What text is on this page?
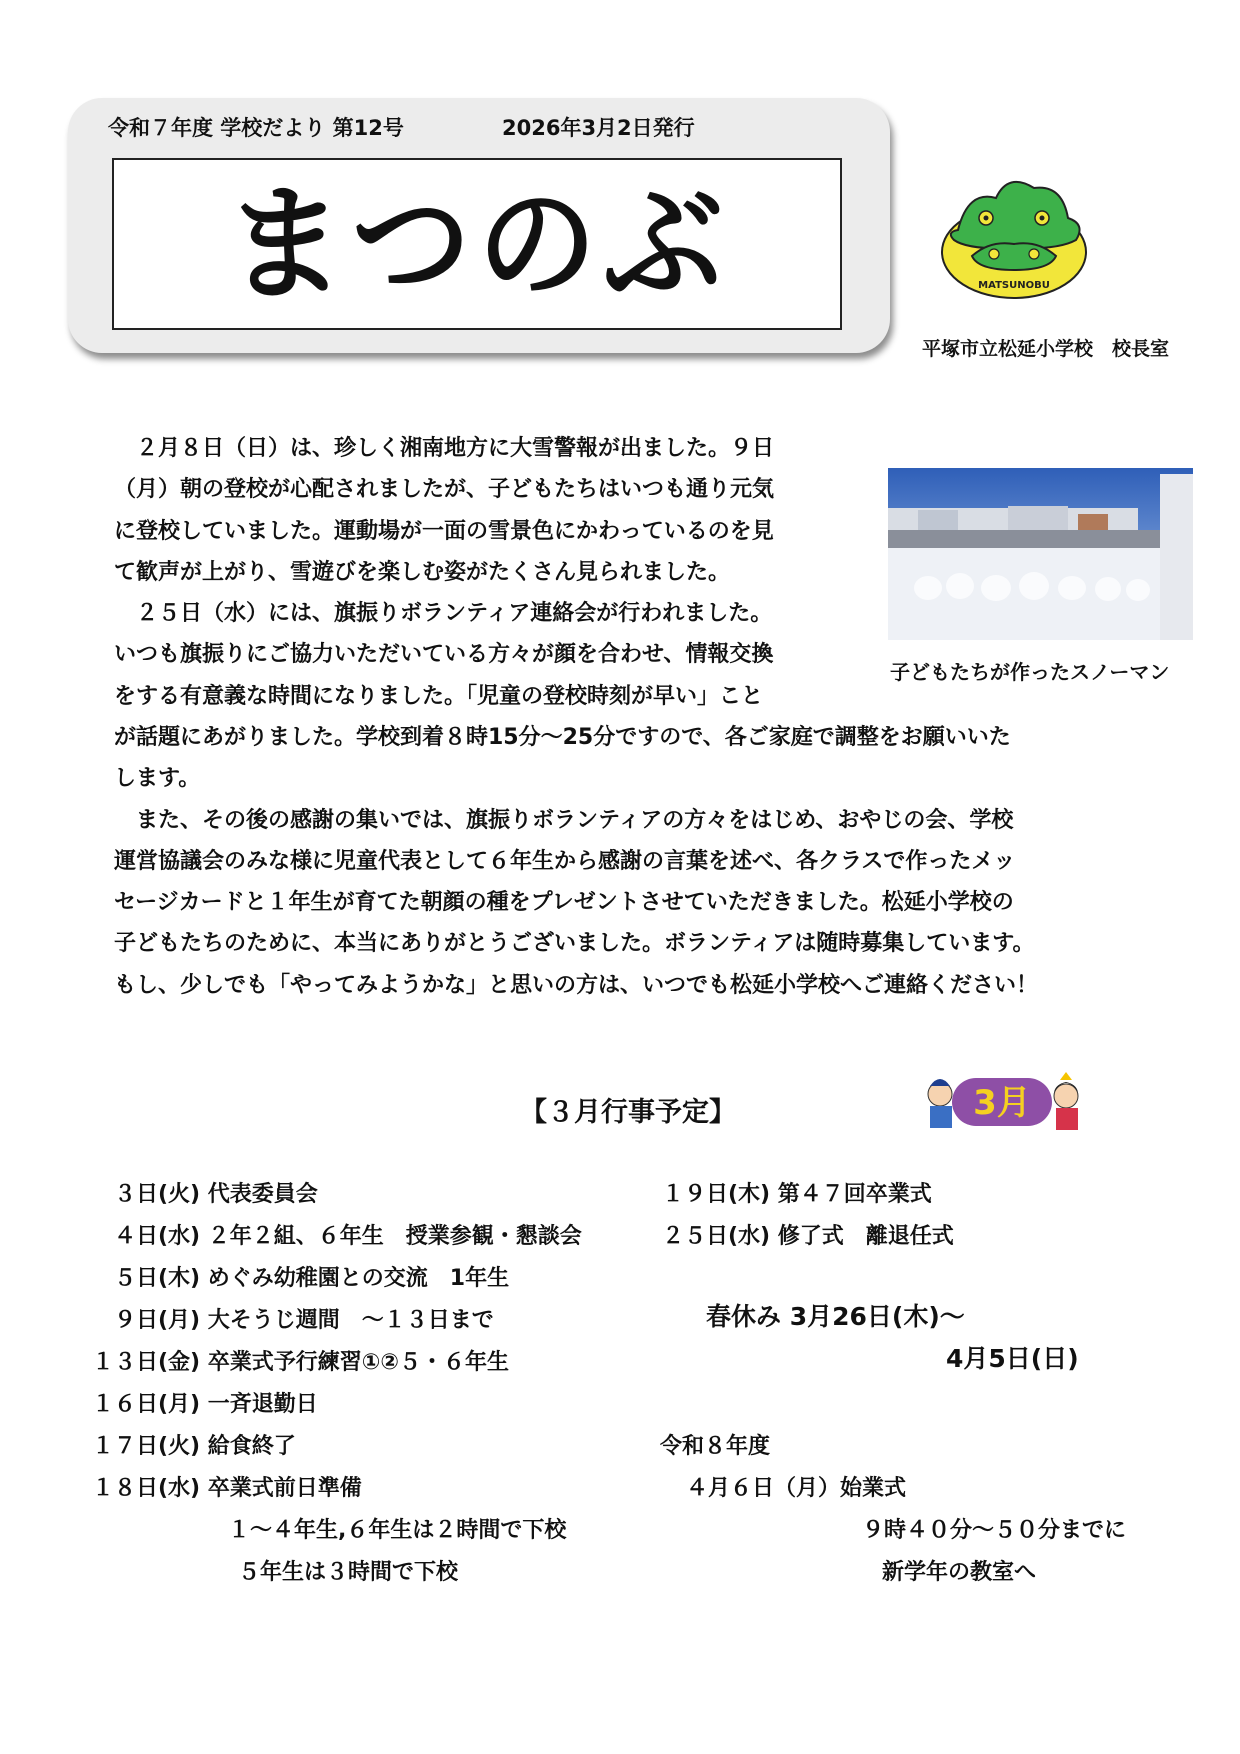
令和７年度 学校だより 第12号	2026年3月2日発行
まつのぶ	MATSUNOBU
平塚市立松延小学校　校長室
　２月８日（日）は、珍しく湘南地方に大雪警報が出ました。９日
（月）朝の登校が心配されましたが、子どもたちはいつも通り元気
に登校していました。運動場が一面の雪景色にかわっているのを見
て歓声が上がり、雪遊びを楽しむ姿がたくさん見られました。
　２５日（水）には、旗振りボランティア連絡会が行われました。
いつも旗振りにご協力いただいている方々が顔を合わせ、情報交換
をする有意義な時間になりました。「児童の登校時刻が早い」こと
が話題にあがりました。学校到着８時15分～25分ですので、各ご家庭で調整をお願いいた
します。
　また、その後の感謝の集いでは、旗振りボランティアの方々をはじめ、おやじの会、学校
運営協議会のみな様に児童代表として６年生から感謝の言葉を述べ、各クラスで作ったメッ
セージカードと１年生が育てた朝顔の種をプレゼントさせていただきました。松延小学校の
子どもたちのために、本当にありがとうございました。ボランティアは随時募集しています。
もし、少しでも「やってみようかな」と思いの方は、いつでも松延小学校へご連絡ください！
子どもたちが作ったスノーマン
【３月行事予定】	3月
３日(火) 代表委員会
４日(水) ２年２組、６年生　授業参観・懇談会
５日(木) めぐみ幼稚園との交流　1年生
９日(月) 大そうじ週間　～１３日まで
１３日(金) 卒業式予行練習①②５・６年生
１６日(月) 一斉退勤日
１７日(火) 給食終了
１８日(水) 卒業式前日準備
１～４年生,６年生は２時間で下校
５年生は３時間で下校
１９日(木) 第４７回卒業式
２５日(水) 修了式　離退任式
春休み 3月26日(木)～
4月5日(日)
令和８年度
４月６日（月）始業式
９時４０分～５０分までに
新学年の教室へ
